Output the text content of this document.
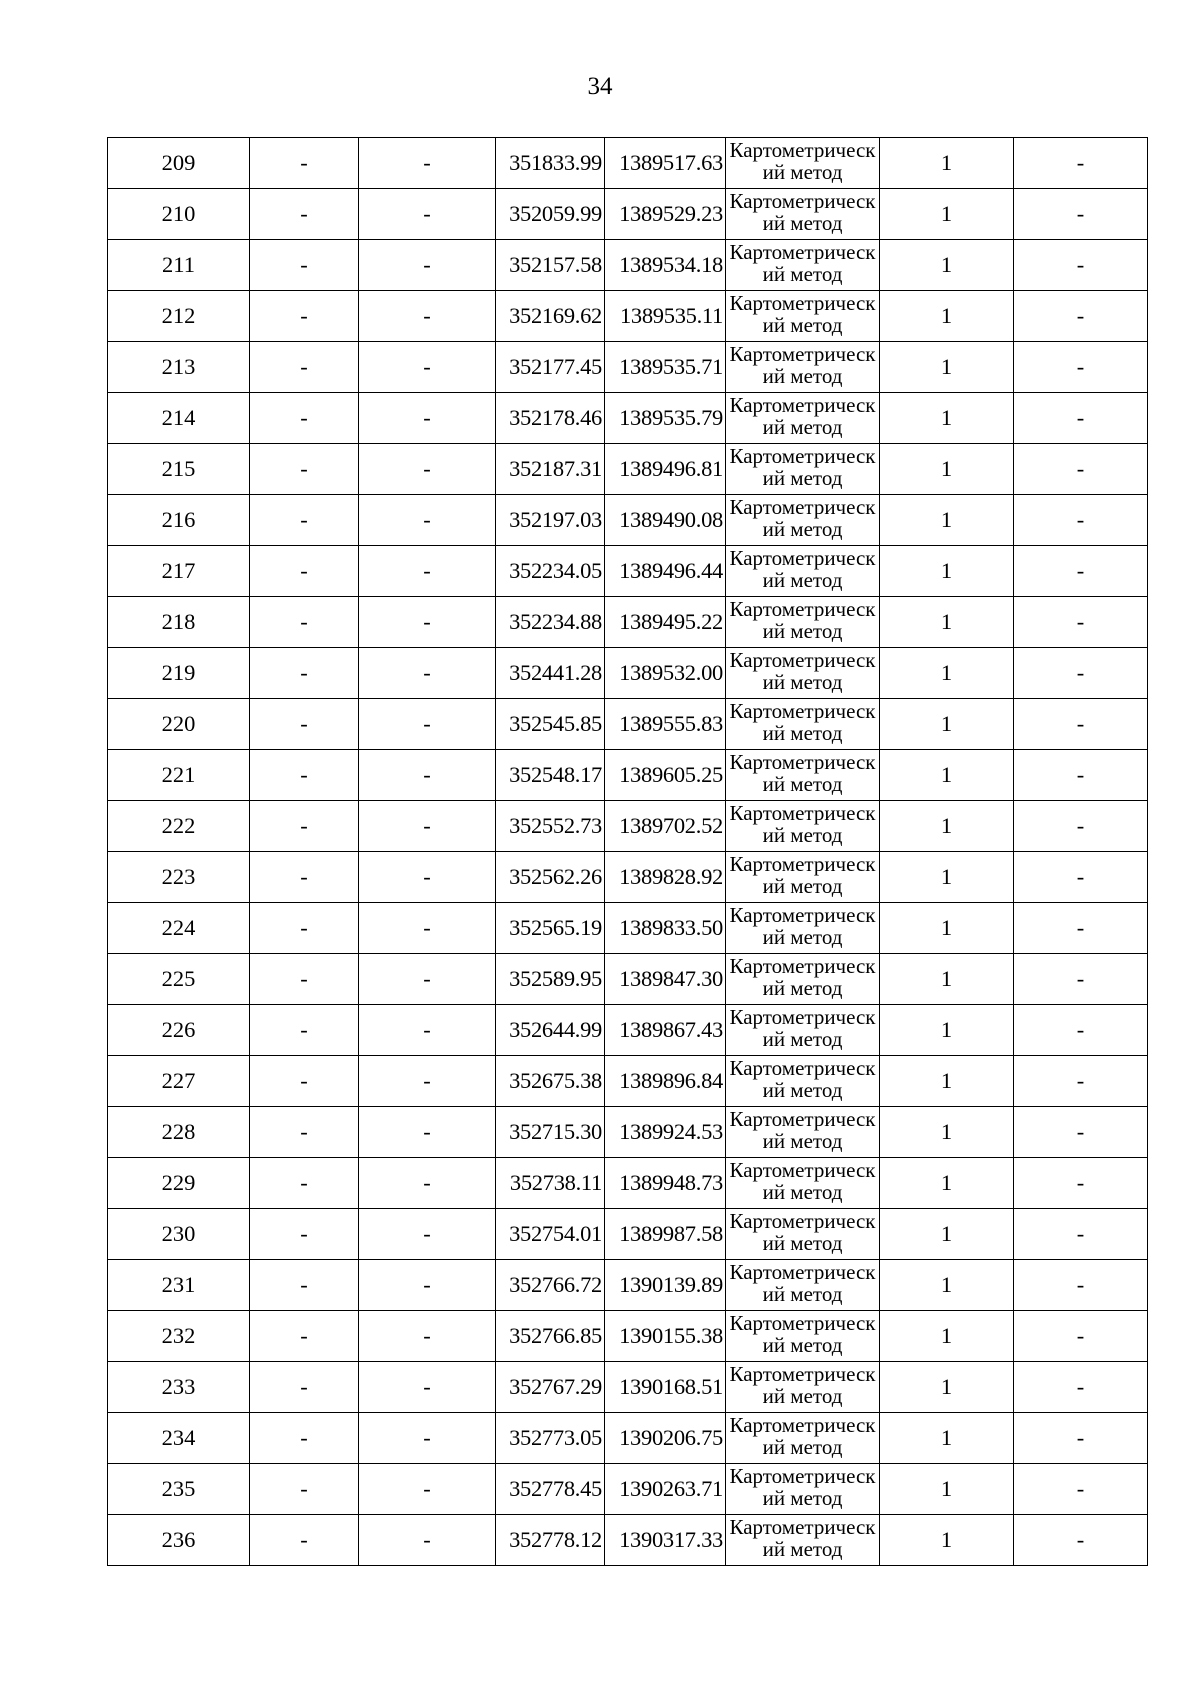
34
209	-	-	351833.99	1389517.63	Картометрический метод	1	-
210	-	-	352059.99	1389529.23	Картометрический метод	1	-
211	-	-	352157.58	1389534.18	Картометрический метод	1	-
212	-	-	352169.62	1389535.11	Картометрический метод	1	-
213	-	-	352177.45	1389535.71	Картометрический метод	1	-
214	-	-	352178.46	1389535.79	Картометрический метод	1	-
215	-	-	352187.31	1389496.81	Картометрический метод	1	-
216	-	-	352197.03	1389490.08	Картометрический метод	1	-
217	-	-	352234.05	1389496.44	Картометрический метод	1	-
218	-	-	352234.88	1389495.22	Картометрический метод	1	-
219	-	-	352441.28	1389532.00	Картометрический метод	1	-
220	-	-	352545.85	1389555.83	Картометрический метод	1	-
221	-	-	352548.17	1389605.25	Картометрический метод	1	-
222	-	-	352552.73	1389702.52	Картометрический метод	1	-
223	-	-	352562.26	1389828.92	Картометрический метод	1	-
224	-	-	352565.19	1389833.50	Картометрический метод	1	-
225	-	-	352589.95	1389847.30	Картометрический метод	1	-
226	-	-	352644.99	1389867.43	Картометрический метод	1	-
227	-	-	352675.38	1389896.84	Картометрический метод	1	-
228	-	-	352715.30	1389924.53	Картометрический метод	1	-
229	-	-	352738.11	1389948.73	Картометрический метод	1	-
230	-	-	352754.01	1389987.58	Картометрический метод	1	-
231	-	-	352766.72	1390139.89	Картометрический метод	1	-
232	-	-	352766.85	1390155.38	Картометрический метод	1	-
233	-	-	352767.29	1390168.51	Картометрический метод	1	-
234	-	-	352773.05	1390206.75	Картометрический метод	1	-
235	-	-	352778.45	1390263.71	Картометрический метод	1	-
236	-	-	352778.12	1390317.33	Картометрический метод	1	-
